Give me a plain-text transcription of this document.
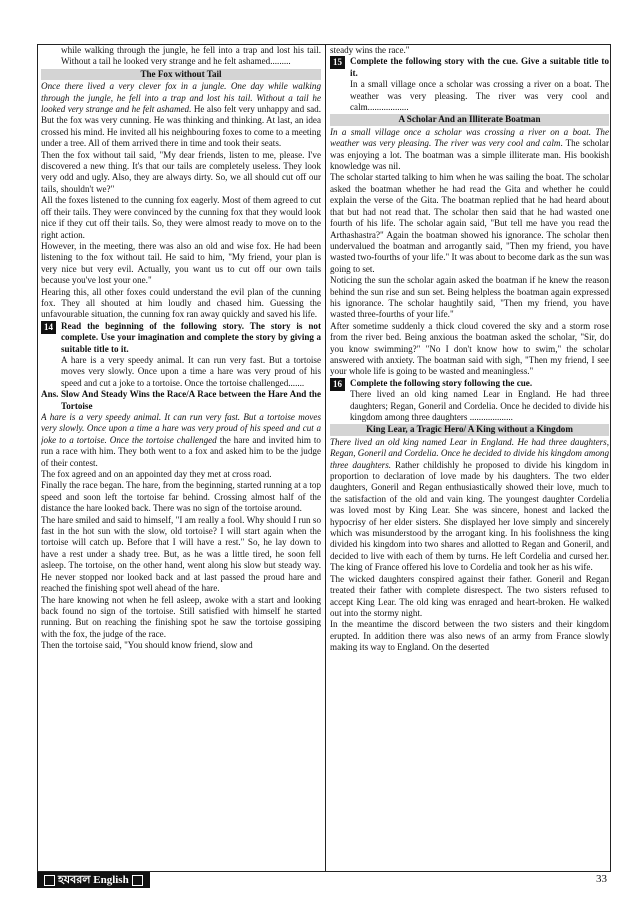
while walking through the jungle, he fell into a trap and lost his tail. Without a tail he looked very strange and he felt ashamed.........

The Fox without Tail

Once there lived a very clever fox in a jungle. One day while walking through the jungle, he fell into a trap and lost his tail. Without a tail he looked very strange and he felt ashamed. He also felt very unhappy and sad. But the fox was very cunning. He was thinking and thinking. At last, an idea crossed his mind. He invited all his neighbouring foxes to come to a meeting under a tree. All of them arrived there in time and took their seats.

Then the fox without tail said, "My dear friends, listen to me, please. I've discovered a new thing. It's that our tails are completely useless. They look very odd and ugly. Also, they are always dirty. So, we all should cut off our tails, shouldn't we?"

All the foxes listened to the cunning fox eagerly. Most of them agreed to cut off their tails. They were convinced by the cunning fox that they would look nice if they cut off their tails. So, they were almost ready to move on to the right action.

However, in the meeting, there was also an old and wise fox. He had been listening to the fox without tail. He said to him, "My friend, your plan is very nice but very evil. Actually, you want us to cut off our own tails because you've lost your one."

Hearing this, all other foxes could understand the evil plan of the cunning fox. They all shouted at him loudly and chased him. Guessing the unfavourable situation, the cunning fox ran away quickly and saved his life.

14 Read the beginning of the following story. The story is not complete. Use your imagination and complete the story by giving a suitable title to it.

A hare is a very speedy animal. It can run very fast. But a tortoise moves very slowly. Once upon a time a hare was very proud of his speed and cut a joke to a tortoise. Once the tortoise challenged.......

Ans. Slow And Steady Wins the Race/A Race between the Hare And the Tortoise

A hare is a very speedy animal. It can run very fast. But a tortoise moves very slowly. Once upon a time a hare was very proud of his speed and cut a joke to a tortoise. Once the tortoise challenged the hare and invited him to run a race with him. They both went to a fox and asked him to be the judge of their contest.

The fox agreed and on an appointed day they met at cross road.

Finally the race began. The hare, from the beginning, started running at a top speed and soon left the tortoise far behind. Crossing almost half of the distance the hare looked back. There was no sign of the tortoise around.

The hare smiled and said to himself, "I am really a fool. Why should I run so fast in the hot sun with the slow, old tortoise? I will start again when the tortoise will catch up. Before that I will have a rest." So, he lay down to have a rest under a shady tree. But, as he was a little tired, he soon fell asleep. The tortoise, on the other hand, went along his slow but steady way. He never stopped nor looked back and at last passed the proud hare and reached the finishing spot well ahead of the hare.

The hare knowing not when he fell asleep, awoke with a start and looking back found no sign of the tortoise. Still satisfied with himself he started running. But on reaching the finishing spot he saw the tortoise gossiping with the fox, the judge of the race.

Then the tortoise said, "You should know friend, slow and

steady wins the race."

15 Complete the following story with the cue. Give a suitable title to it.

In a small village once a scholar was crossing a river on a boat. The weather was very pleasing. The river was very cool and calm..................

A Scholar And an Illiterate Boatman

In a small village once a scholar was crossing a river on a boat. The weather was very pleasing. The river was very cool and calm. The scholar was enjoying a lot. The boatman was a simple illiterate man. His bookish knowledge was nil.

The scholar started talking to him when he was sailing the boat. The scholar asked the boatman whether he had read the Gita and whether he could explain the verse of the Gita. The boatman replied that he had heard about that but had not read that. The scholar then said that he had wasted one fourth of his life. The scholar again said, "But tell me have you read the Arthashastra?" Again the boatman showed his ignorance. The scholar then undervalued the boatman and arrogantly said, "Then my friend, you have wasted two-fourths of your life." It was about to become dark as the sun was going to set.

Noticing the sun the scholar again asked the boatman if he knew the reason behind the sun rise and sun set. Being helpless the boatman again expressed his ignorance. The scholar haughtily said, "Then my friend, you have wasted three-fourths of your life."

After sometime suddenly a thick cloud covered the sky and a storm rose from the river bed. Being anxious the boatman asked the scholar, "Sir, do you know swimming?" "No I don't know how to swim," the scholar answered with anxiety. The boatman said with sigh, "Then my friend, I see your whole life is going to be wasted and meaningless."

16 Complete the following story following the cue.

There lived an old king named Lear in England. He had three daughters; Regan, Goneril and Cordelia. Once he decided to divide his kingdom among three daughters ...................

King Lear, a Tragic Hero/ A King without a Kingdom

There lived an old king named Lear in England. He had three daughters, Regan, Goneril and Cordelia. Once he decided to divide his kingdom among three daughters. Rather childishly he proposed to divide his kingdom in proportion to declaration of love made by his daughters. The two elder daughters, Goneril and Regan enthusiastically showed their love, much to the satisfaction of the old and vain king. The youngest daughter Cordelia was loved most by King Lear. She was sincere, honest and lacked the hypocrisy of her elder sisters. She displayed her love simply and sincerely which was misunderstood by the arrogant king. In his foolishness the king divided his kingdom into two shares and allotted to Regan and Goneril, and decided to live with each of them by turns. He left Cordelia and cursed her. The king of France offered his love to Cordelia and took her as his wife.

The wicked daughters conspired against their father. Goneril and Regan treated their father with complete disrespect. The two sisters refused to accept King Lear. The old king was enraged and heart-broken. He walked out into the stormy night.

In the meantime the discord between the two sisters and their kingdom erupted. In addition there was also news of an army from France slowly making its way to England. On the deserted

হযবরল English	33
